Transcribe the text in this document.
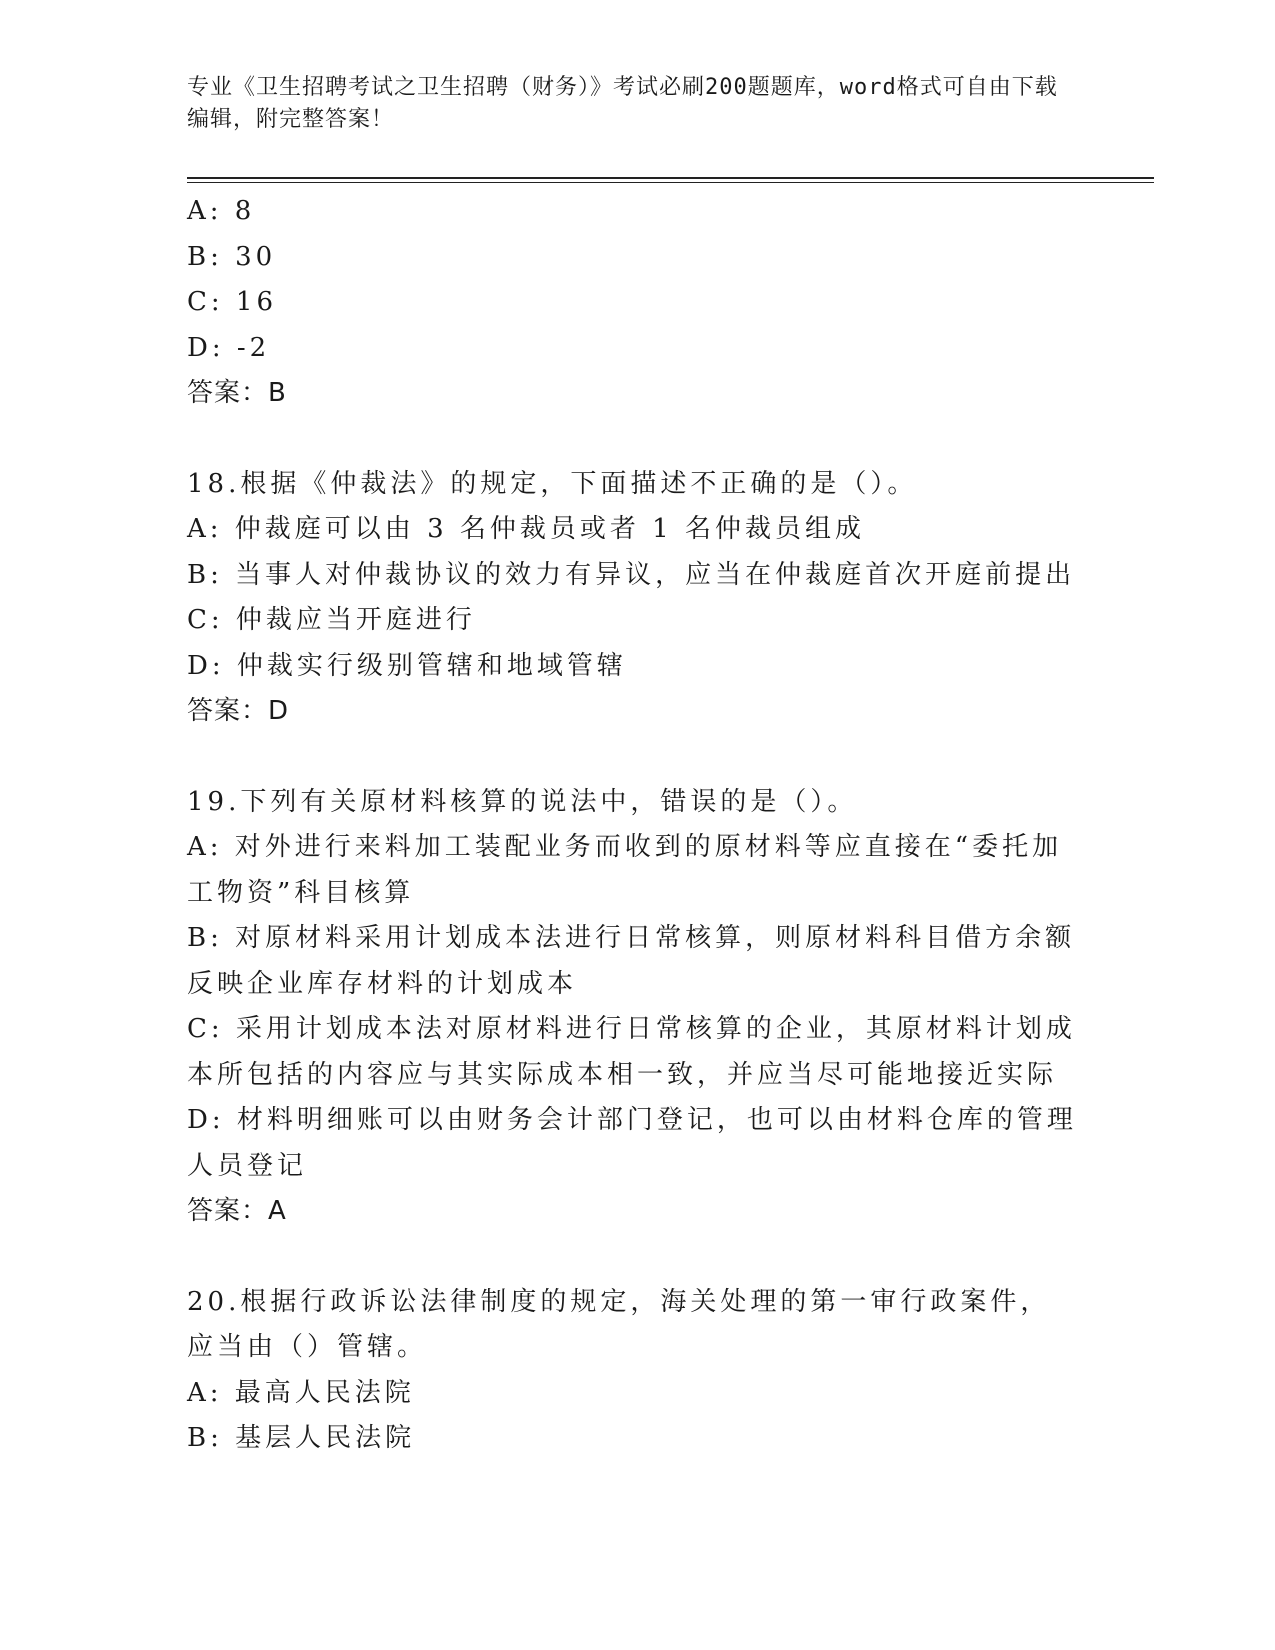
专业《卫生招聘考试之卫生招聘（财务）》考试必刷200题题库，word格式可自由下载编辑，附完整答案！
A: 8
B: 30
C: 16
D: -2
答案：B
18.根据《仲裁法》的规定，下面描述不正确的是（）。
A: 仲裁庭可以由 3 名仲裁员或者 1 名仲裁员组成
B: 当事人对仲裁协议的效力有异议，应当在仲裁庭首次开庭前提出
C: 仲裁应当开庭进行
D: 仲裁实行级别管辖和地域管辖
答案：D
19.下列有关原材料核算的说法中，错误的是（）。
A: 对外进行来料加工装配业务而收到的原材料等应直接在“委托加工物资”科目核算
B: 对原材料采用计划成本法进行日常核算，则原材料科目借方余额反映企业库存材料的计划成本
C: 采用计划成本法对原材料进行日常核算的企业，其原材料计划成本所包括的内容应与其实际成本相一致，并应当尽可能地接近实际
D: 材料明细账可以由财务会计部门登记，也可以由材料仓库的管理人员登记
答案：A
20.根据行政诉讼法律制度的规定，海关处理的第一审行政案件，应当由（）管辖。
A: 最高人民法院
B: 基层人民法院
